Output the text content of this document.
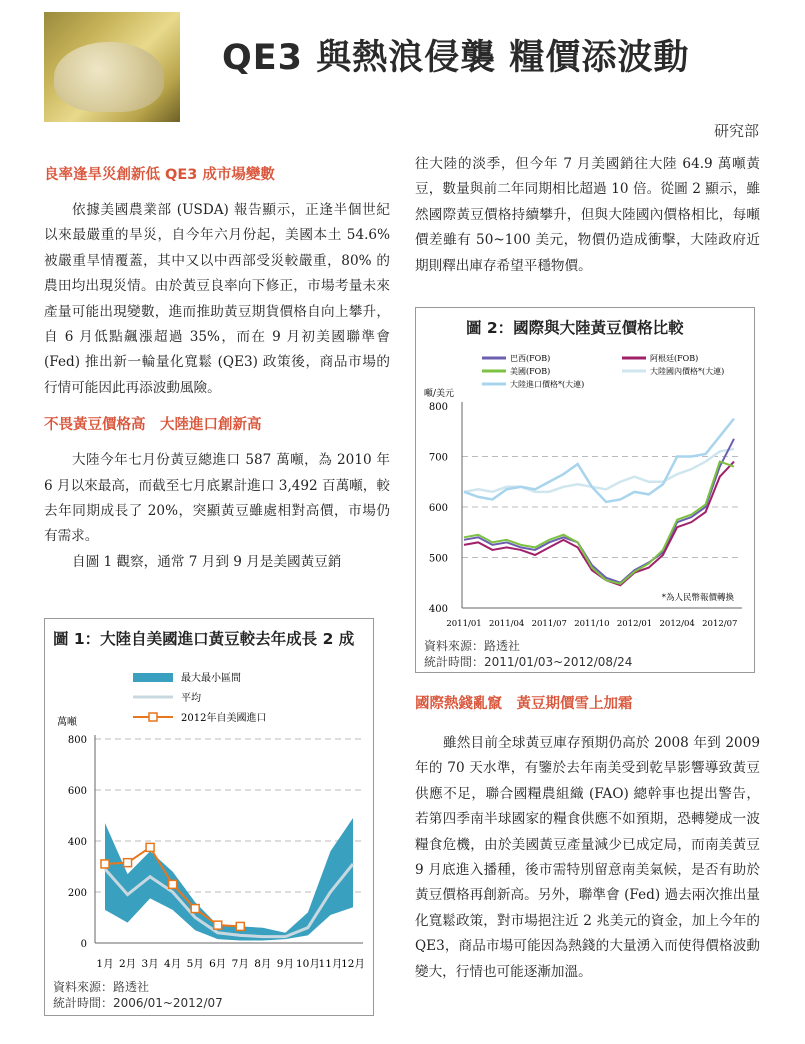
QE3 與熱浪侵襲 糧價添波動
研究部
良率逢旱災創新低 QE3 成市場變數

依據美國農業部 (USDA) 報告顯示，正逢半個世紀以來最嚴重的旱災，自今年六月份起，美國本土 54.6% 被嚴重旱情覆蓋，其中又以中西部受災較嚴重，80% 的農田均出現災情。由於黃豆良率向下修正，市場考量未來產量可能出現變數，進而推助黃豆期貨價格自向上攀升，自 6 月低點飆漲超過 35%，而在 9 月初美國聯準會 (Fed) 推出新一輪量化寬鬆 (QE3) 政策後，商品市場的行情可能因此再添波動風險。

不畏黃豆價格高　大陸進口創新高

大陸今年七月份黃豆總進口 587 萬噸，為 2010 年 6 月以來最高，而截至七月底累計進口 3,492 百萬噸，較去年同期成長了 20%，突顯黃豆雖處相對高價，市場仍有需求。

自圖 1 觀察，通常 7 月到 9 月是美國黃豆銷

圖 1：大陸自美國進口黃豆較去年成長 2 成
最大最小區間
平均
2012年自美國進口
萬噸
0
200
400
600
800
1月 2月 3月 4月 5月 6月 7月 8月 9月 10月
11月
12月
資料來源：路透社
統計時間：2006/01~2012/07

往大陸的淡季，但今年 7 月美國銷往大陸 64.9 萬噸黃豆，數量與前二年同期相比超過 10 倍。從圖 2 顯示，雖然國際黃豆價格持續攀升，但與大陸國內價格相比，每噸價差雖有 50~100 美元，物價仍造成衝擊，大陸政府近期則釋出庫存希望平穩物價。

圖 2：國際與大陸黃豆價格比較
巴西(FOB)	阿根廷(FOB)
美國(FOB)	大陸國內價格*(大連)
大陸進口價格*(大連)
噸/美元
400
500
600
700
800
2011/01 2011/04 2011/07 2011/10 2012/01 2012/04 2012/07
*為人民幣報價轉換
資料來源：路透社
統計時間：2011/01/03~2012/08/24
國際熱錢亂竄　黃豆期價雪上加霜

雖然目前全球黃豆庫存預期仍高於 2008 年到 2009 年的 70 天水準，有鑒於去年南美受到乾旱影響導致黃豆供應不足，聯合國糧農組織 (FAO) 總幹事也提出警告，若第四季南半球國家的糧食供應不如預期，恐轉變成一波糧食危機，由於美國黃豆產量減少已成定局，而南美黃豆 9 月底進入播種，後市需特別留意南美氣候，是否有助於黃豆價格再創新高。另外，聯準會 (Fed) 過去兩次推出量化寬鬆政策，對市場挹注近 2 兆美元的資金，加上今年的 QE3，商品市場可能因為熱錢的大量湧入而使得價格波動變大，行情也可能逐漸加溫。
